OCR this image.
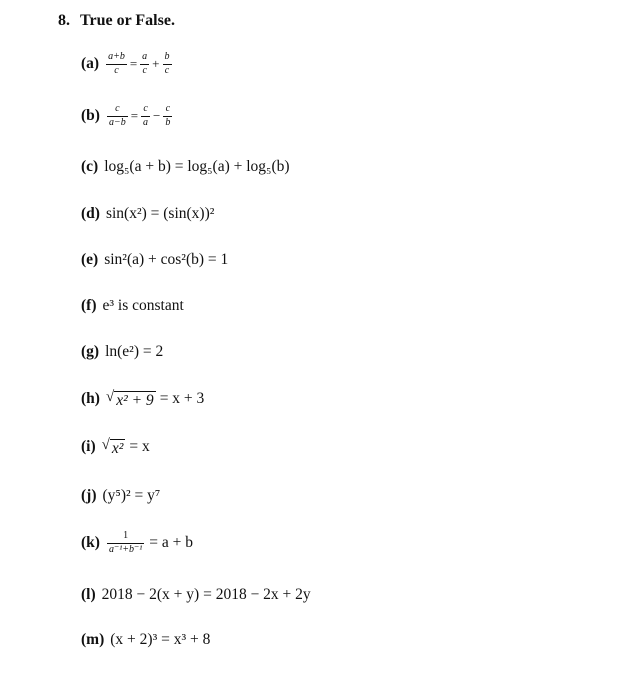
8. True or False.
$(a) \frac{a+b}{c} = \frac{a}{c} + \frac{b}{c}$
$(b) \frac{c}{a-b} = \frac{c}{a} - \frac{c}{b}$
(c) log₅(a + b) = log₅(a) + log₅(b)
(d) sin(x²) = (sin(x))²
(e) sin²(a) + cos²(b) = 1
(f) e³ is constant
(g) ln(e²) = 2
(h) √ x² + 9 = x + 3
(i) √ x² = x
(j) (y⁵)² = y⁷
$(k) \frac{1}{\text{a⁻¹+b⁻¹}} = a + b$
(l) 2018 − 2(x + y) = 2018 − 2x + 2y
(m) (x + 2)³ = x³ + 8
